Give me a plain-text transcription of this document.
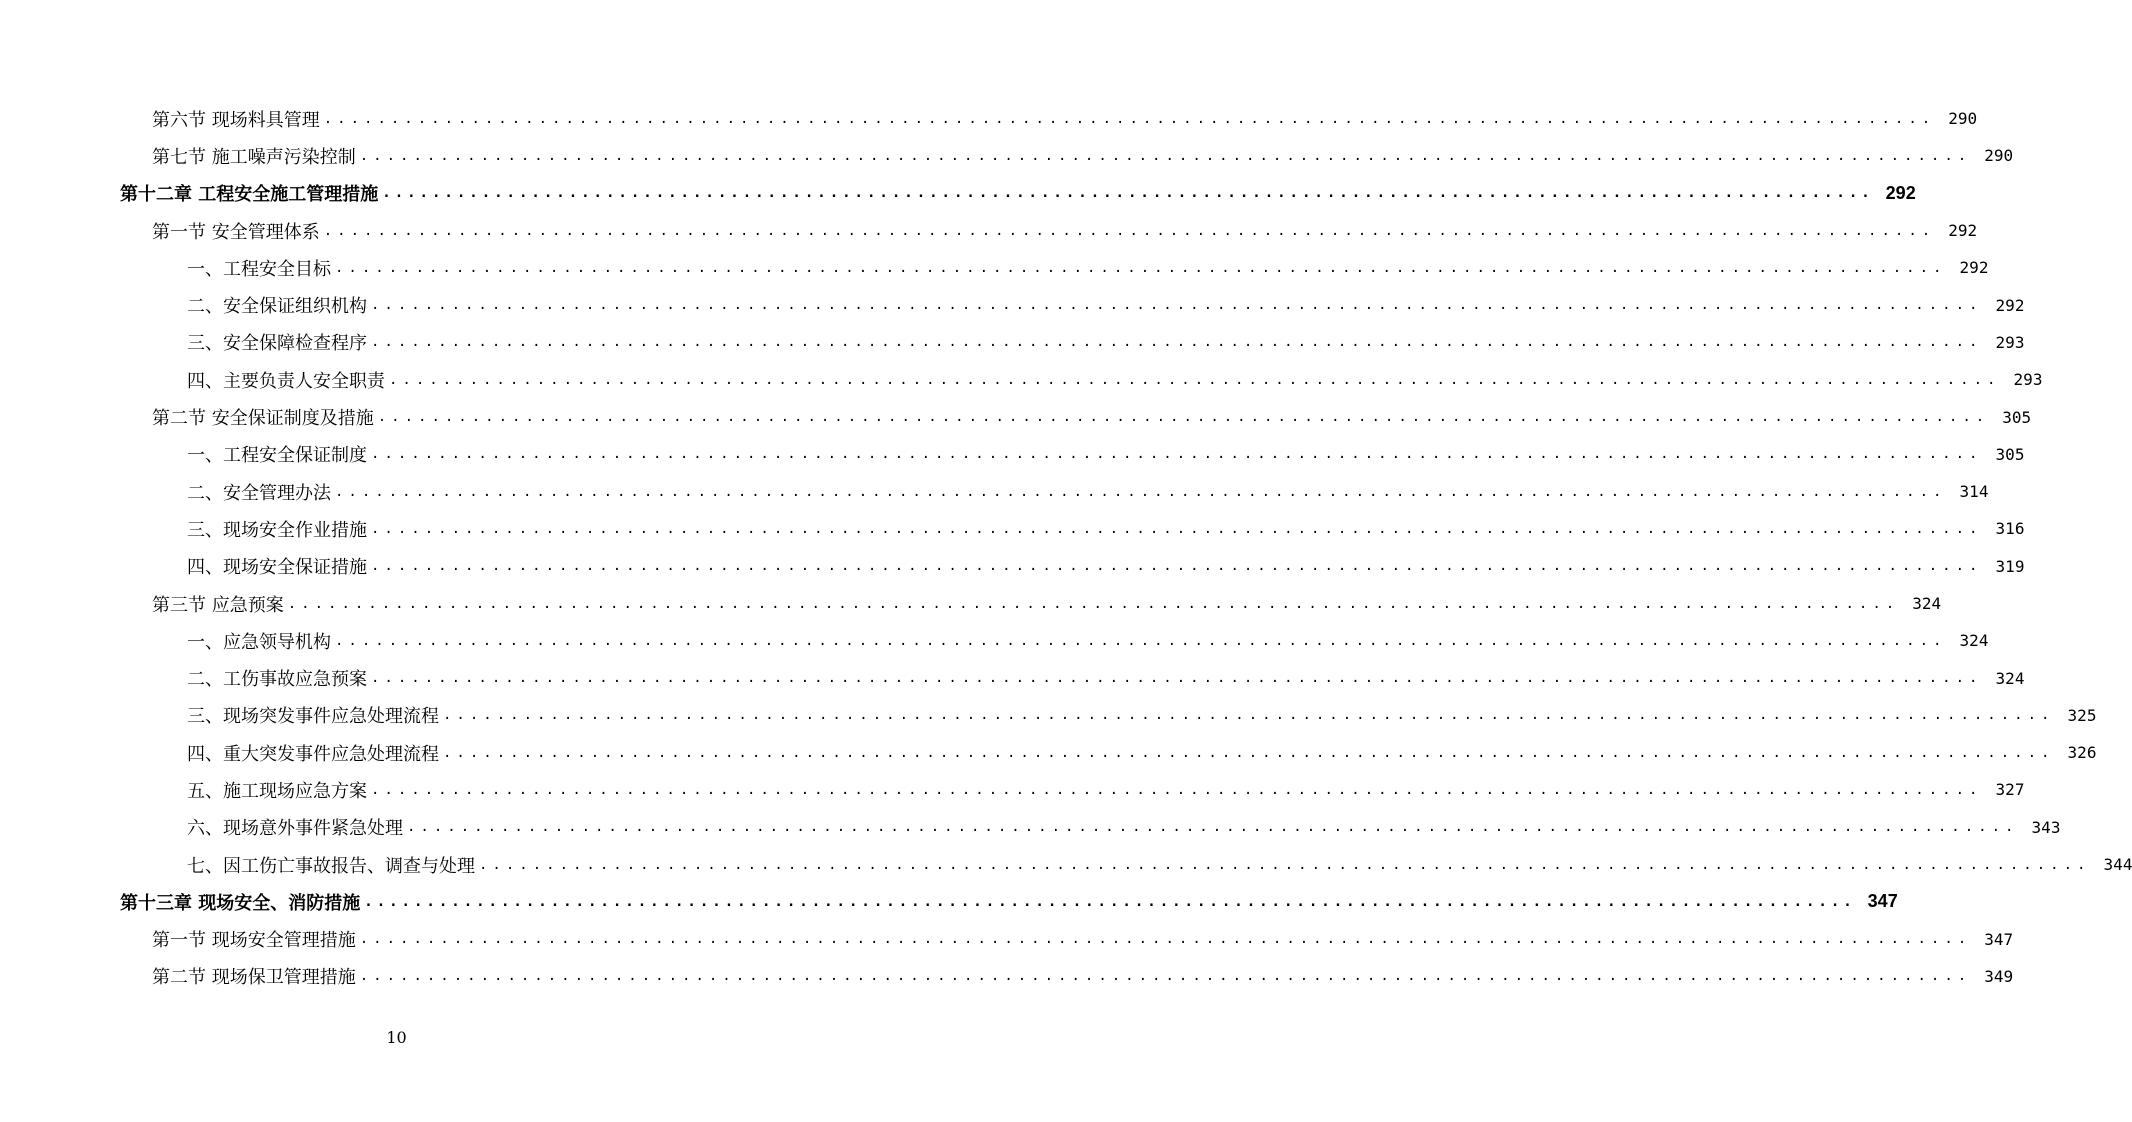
第六节 现场料具管理 ........................................................................................................................ 290
第七节 施工噪声污染控制 ........................................................................................................................ 290
第十二章 工程安全施工管理措施 ........................................................................................................................ 292
第一节 安全管理体系 ........................................................................................................................ 292
一、工程安全目标 ........................................................................................................................ 292
二、安全保证组织机构 ........................................................................................................................ 292
三、安全保障检查程序 ........................................................................................................................ 293
四、主要负责人安全职责 ........................................................................................................................ 293
第二节 安全保证制度及措施 ........................................................................................................................ 305
一、工程安全保证制度 ........................................................................................................................ 305
二、安全管理办法 ........................................................................................................................ 314
三、现场安全作业措施 ........................................................................................................................ 316
四、现场安全保证措施 ........................................................................................................................ 319
第三节 应急预案 ........................................................................................................................ 324
一、应急领导机构 ........................................................................................................................ 324
二、工伤事故应急预案 ........................................................................................................................ 324
三、现场突发事件应急处理流程 ........................................................................................................................ 325
四、重大突发事件应急处理流程 ........................................................................................................................ 326
五、施工现场应急方案 ........................................................................................................................ 327
六、现场意外事件紧急处理 ........................................................................................................................ 343
七、因工伤亡事故报告、调查与处理 ........................................................................................................................ 344
第十三章 现场安全、消防措施 ........................................................................................................................ 347
第一节 现场安全管理措施 ........................................................................................................................ 347
第二节 现场保卫管理措施 ........................................................................................................................ 349
10
